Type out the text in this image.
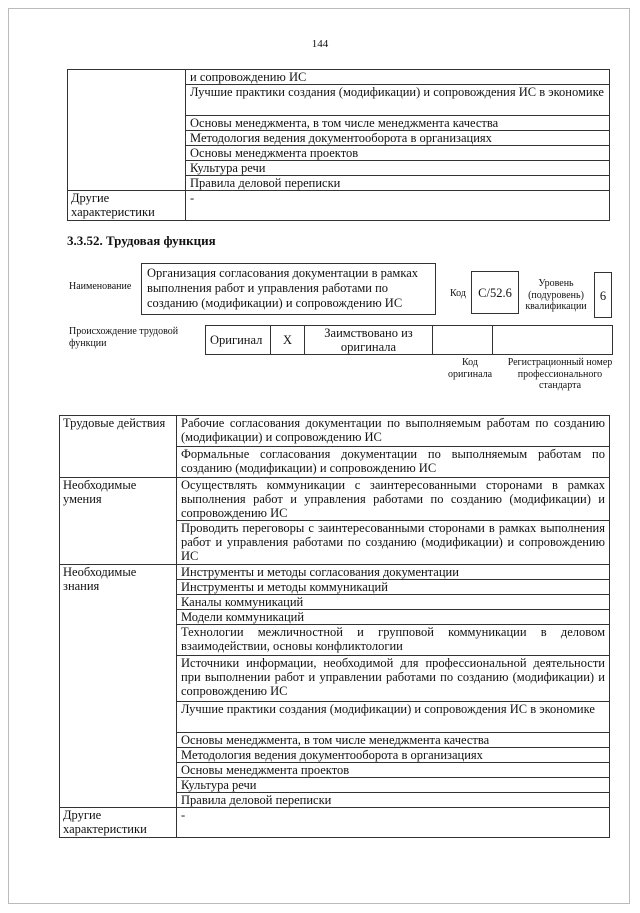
144
	и сопровождению ИС
	Лучшие практики создания (модификации) и сопровождения ИС в экономике
	Основы менеджмента, в том числе менеджмента качества
	Методология ведения документооборота в организациях
	Основы менеджмента проектов
	Культура речи
	Правила деловой переписки
Другие характеристики	-
3.3.52. Трудовая функция
Наименование
Организация согласования документации в рамках выполнения работ и управления работами по созданию (модификации) и сопровождению ИС
Код C/52.6
Уровень (подуровень) квалификации
6
Происхождение трудовой функции	Оригинал	X	Заимствовано из оригинала		
Код оригинала
Регистрационный номер профессионального стандарта
Трудовые действия	Рабочие согласования документации по выполняемым работам по созданию (модификации) и сопровождению ИС
	Формальные согласования документации по выполняемым работам по созданию (модификации) и сопровождению ИС
Необходимые умения	Осуществлять коммуникации с заинтересованными сторонами в рамках выполнения работ и управления работами по созданию (модификации) и сопровождению ИС
	Проводить переговоры с заинтересованными сторонами в рамках выполнения работ и управления работами по созданию (модификации) и сопровождению ИС
Необходимые знания	Инструменты и методы согласования документации
	Инструменты и методы коммуникаций
	Каналы коммуникаций
	Модели коммуникаций
	Технологии межличностной и групповой коммуникации в деловом взаимодействии, основы конфликтологии
	Источники информации, необходимой для профессиональной деятельности при выполнении работ и управлении работами по созданию (модификации) и сопровождению ИС
	Лучшие практики создания (модификации) и сопровождения ИС в экономике
	Основы менеджмента, в том числе менеджмента качества
	Методология ведения документооборота в организациях
	Основы менеджмента проектов
	Культура речи
	Правила деловой переписки
Другие характеристики	-
